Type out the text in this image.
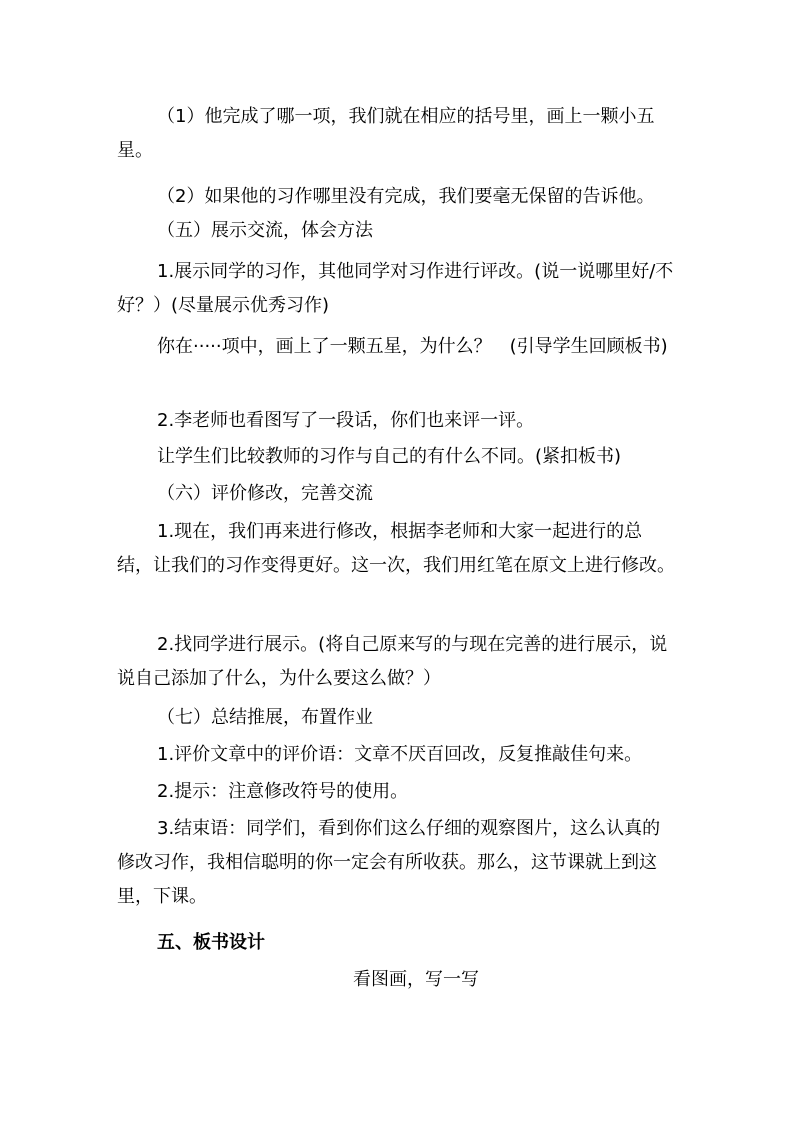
（1）他完成了哪一项，我们就在相应的括号里，画上一颗小五星。
（2）如果他的习作哪里没有完成，我们要毫无保留的告诉他。
（五）展示交流，体会方法
1.展示同学的习作，其他同学对习作进行评改。(说一说哪里好/不好？）(尽量展示优秀习作)
你在·····项中，画上了一颗五星，为什么？　(引导学生回顾板书)
2.李老师也看图写了一段话，你们也来评一评。
让学生们比较教师的习作与自己的有什么不同。(紧扣板书)
（六）评价修改，完善交流
1.现在，我们再来进行修改，根据李老师和大家一起进行的总结，让我们的习作变得更好。这一次，我们用红笔在原文上进行修改。
2.找同学进行展示。(将自己原来写的与现在完善的进行展示，说说自己添加了什么，为什么要这么做？）
（七）总结推展，布置作业
1.评价文章中的评价语：文章不厌百回改，反复推敲佳句来。
2.提示：注意修改符号的使用。
3.结束语：同学们，看到你们这么仔细的观察图片，这么认真的修改习作，我相信聪明的你一定会有所收获。那么，这节课就上到这里，下课。
五、板书设计
看图画，写一写
